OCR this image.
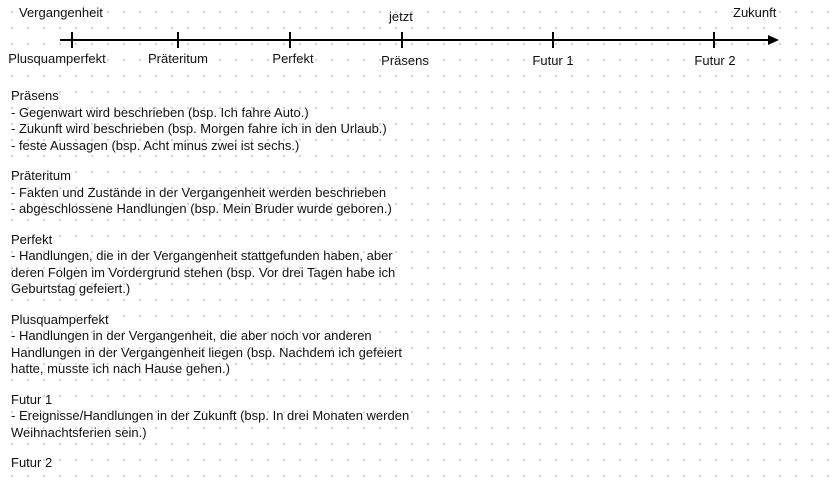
Vergangenheit	jetzt	Zukunft
Plusquamperfekt	Präteritum	Perfekt	Präsens	Futur 1	Futur 2
Präsens
- Gegenwart wird beschrieben (bsp. Ich fahre Auto.)
- Zukunft wird beschrieben (bsp. Morgen fahre ich in den Urlaub.)
- feste Aussagen (bsp. Acht minus zwei ist sechs.)
Präteritum
- Fakten und Zustände in der Vergangenheit werden beschrieben
- abgeschlossene Handlungen (bsp. Mein Bruder wurde geboren.)
Perfekt
- Handlungen, die in der Vergangenheit stattgefunden haben, aber
deren Folgen im Vordergrund stehen (bsp. Vor drei Tagen habe ich
Geburtstag gefeiert.)
Plusquamperfekt
- Handlungen in der Vergangenheit, die aber noch vor anderen
Handlungen in der Vergangenheit liegen (bsp. Nachdem ich gefeiert
hatte, musste ich nach Hause gehen.)
Futur 1
- Ereignisse/Handlungen in der Zukunft (bsp. In drei Monaten werden
Weihnachtsferien sein.)
Futur 2
